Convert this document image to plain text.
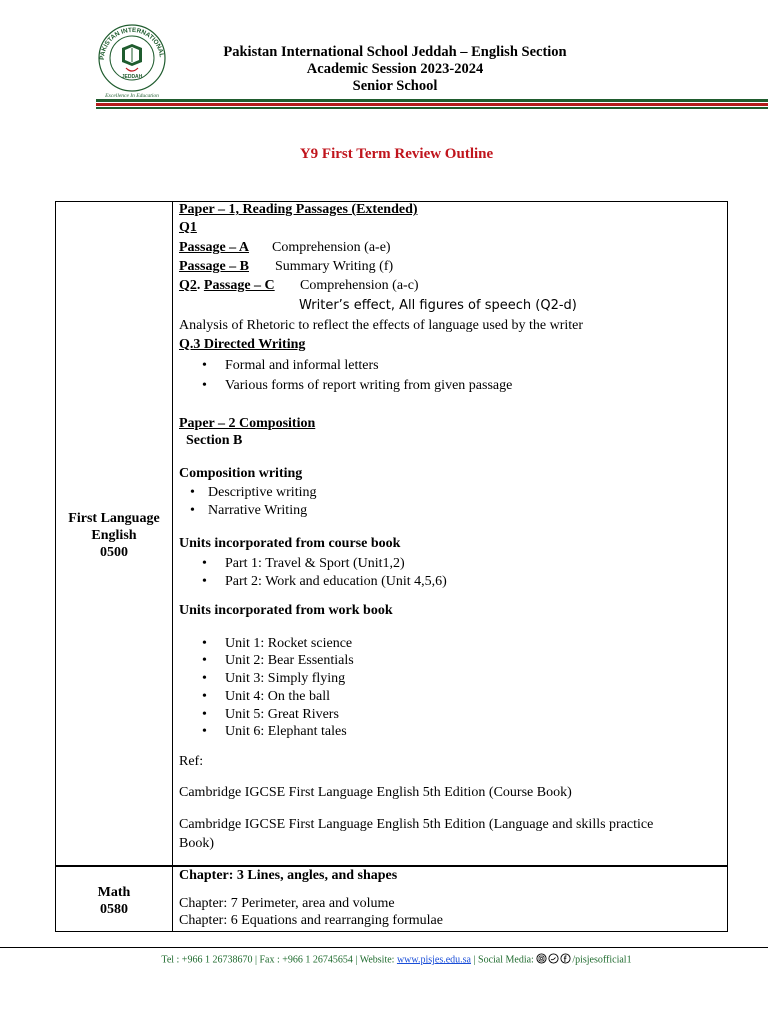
PAKISTAN INTERNATIONAL
JEDDAH
Excellence In Education
Pakistan International School Jeddah – English Section
Academic Session 2023-2024
Senior School
Y9 First Term Review Outline
First Language
English
0500
Math
0580
Paper – 1, Reading Passages (Extended)
Q1
Passage – A Comprehension (a-e)
Passage – B Summary Writing (f)
Q2. Passage – C Comprehension (a-c)
Writer’s effect, All figures of speech (Q2-d)
Analysis of Rhetoric to reflect the effects of language used by the writer
Q.3 Directed Writing
• Formal and informal letters
• Various forms of report writing from given passage
Paper – 2 Composition
Section B
Composition writing
• Descriptive writing
• Narrative Writing
Units incorporated from course book
• Part 1: Travel & Sport (Unit1,2)
• Part 2: Work and education (Unit 4,5,6)
Units incorporated from work book
• Unit 1: Rocket science
• Unit 2: Bear Essentials
• Unit 3: Simply flying
• Unit 4: On the ball
• Unit 5: Great Rivers
• Unit 6: Elephant tales
Ref:
Cambridge IGCSE First Language English 5th Edition (Course Book)
Cambridge IGCSE First Language English 5th Edition (Language and skills practice
Book)
Chapter: 3 Lines, angles, and shapes
Chapter: 7 Perimeter, area and volume
Chapter: 6 Equations and rearranging formulae
Tel : +966 1 26738670 | Fax : +966 1 26745654 | Website: www.pisjes.edu.sa | Social Media:	/pisjesofficial1
